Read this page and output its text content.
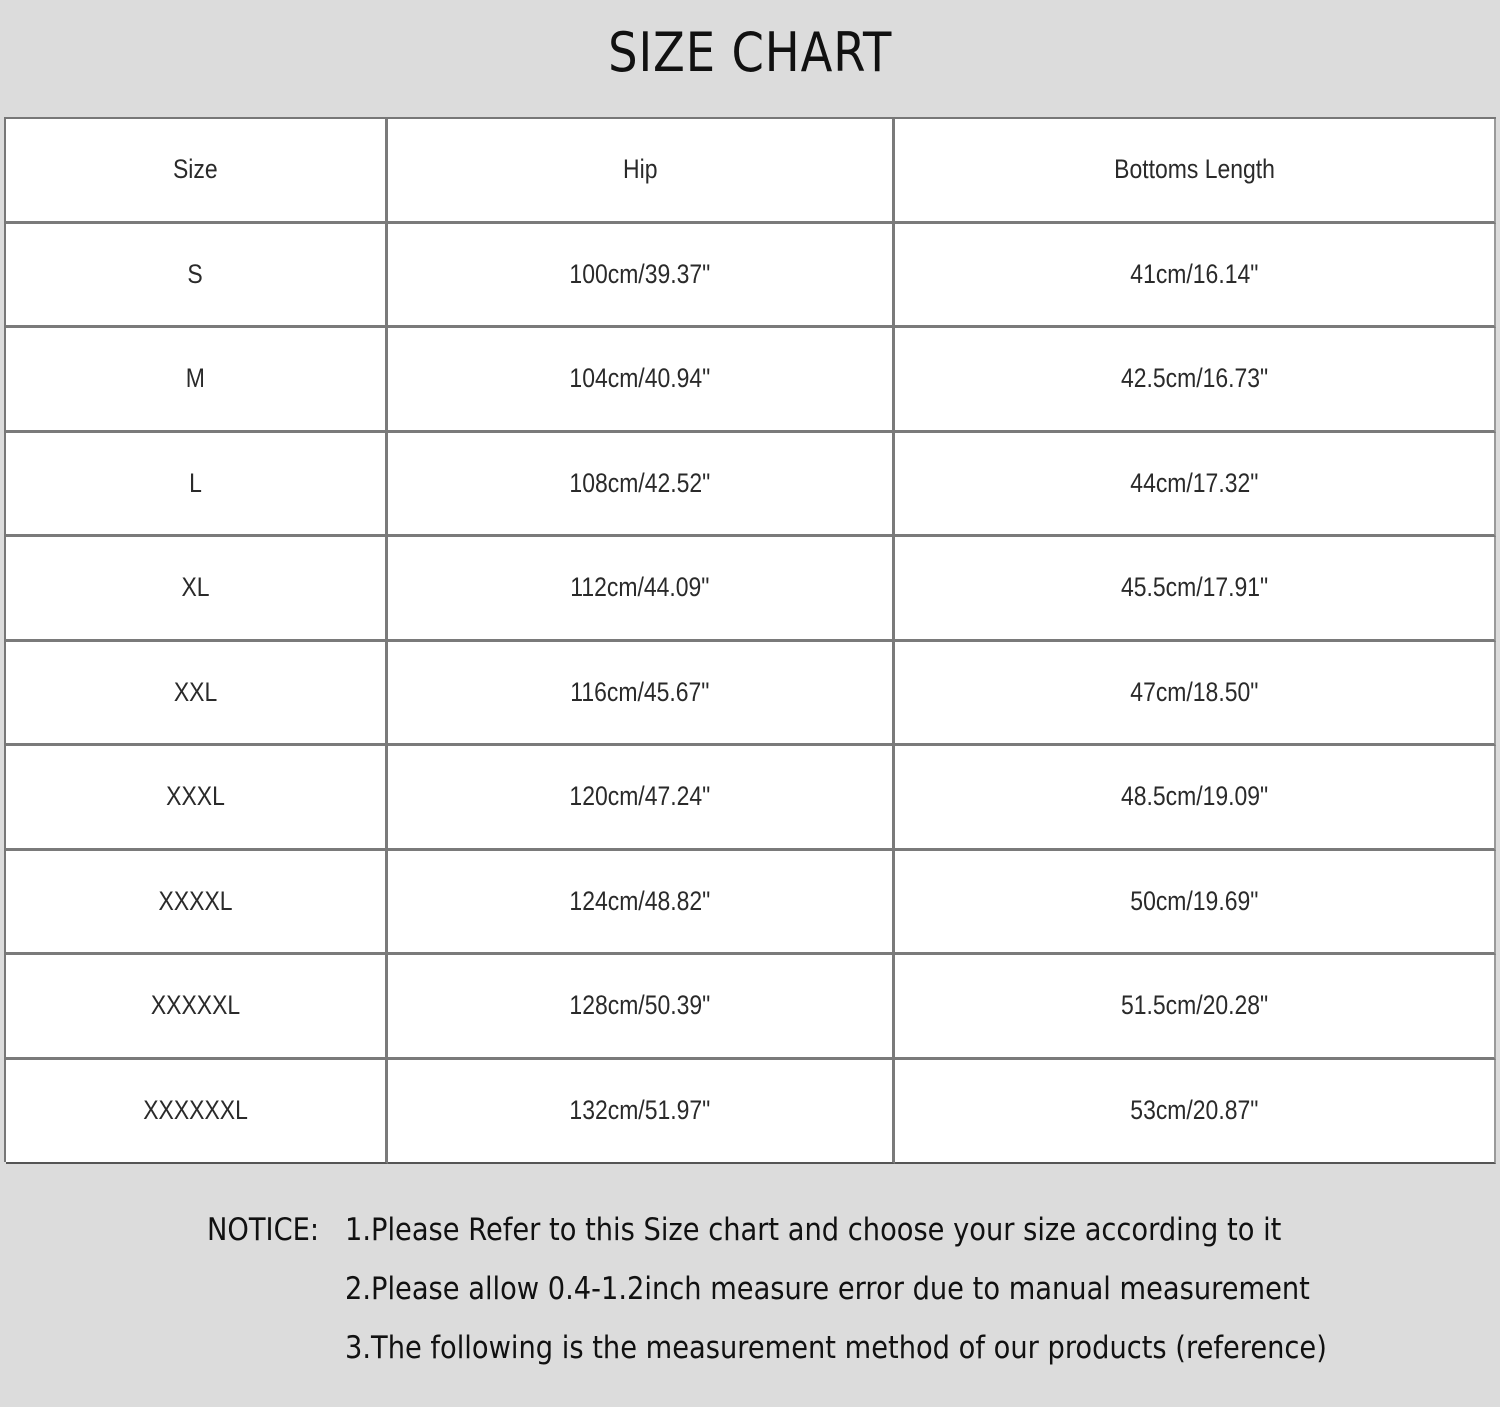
SIZE CHART
Size	Hip	Bottoms Length
S	100cm/39.37"	41cm/16.14"
M	104cm/40.94"	42.5cm/16.73"
L	108cm/42.52"	44cm/17.32"
XL	112cm/44.09"	45.5cm/17.91"
XXL	116cm/45.67"	47cm/18.50"
XXXL	120cm/47.24"	48.5cm/19.09"
XXXXL	124cm/48.82"	50cm/19.69"
XXXXXL	128cm/50.39"	51.5cm/20.28"
XXXXXXL	132cm/51.97"	53cm/20.87"
NOTICE: 1.Please Refer to this Size chart and choose your size according to it
2.Please allow 0.4-1.2inch measure error due to manual measurement
3.The following is the measurement method of our products (reference)
